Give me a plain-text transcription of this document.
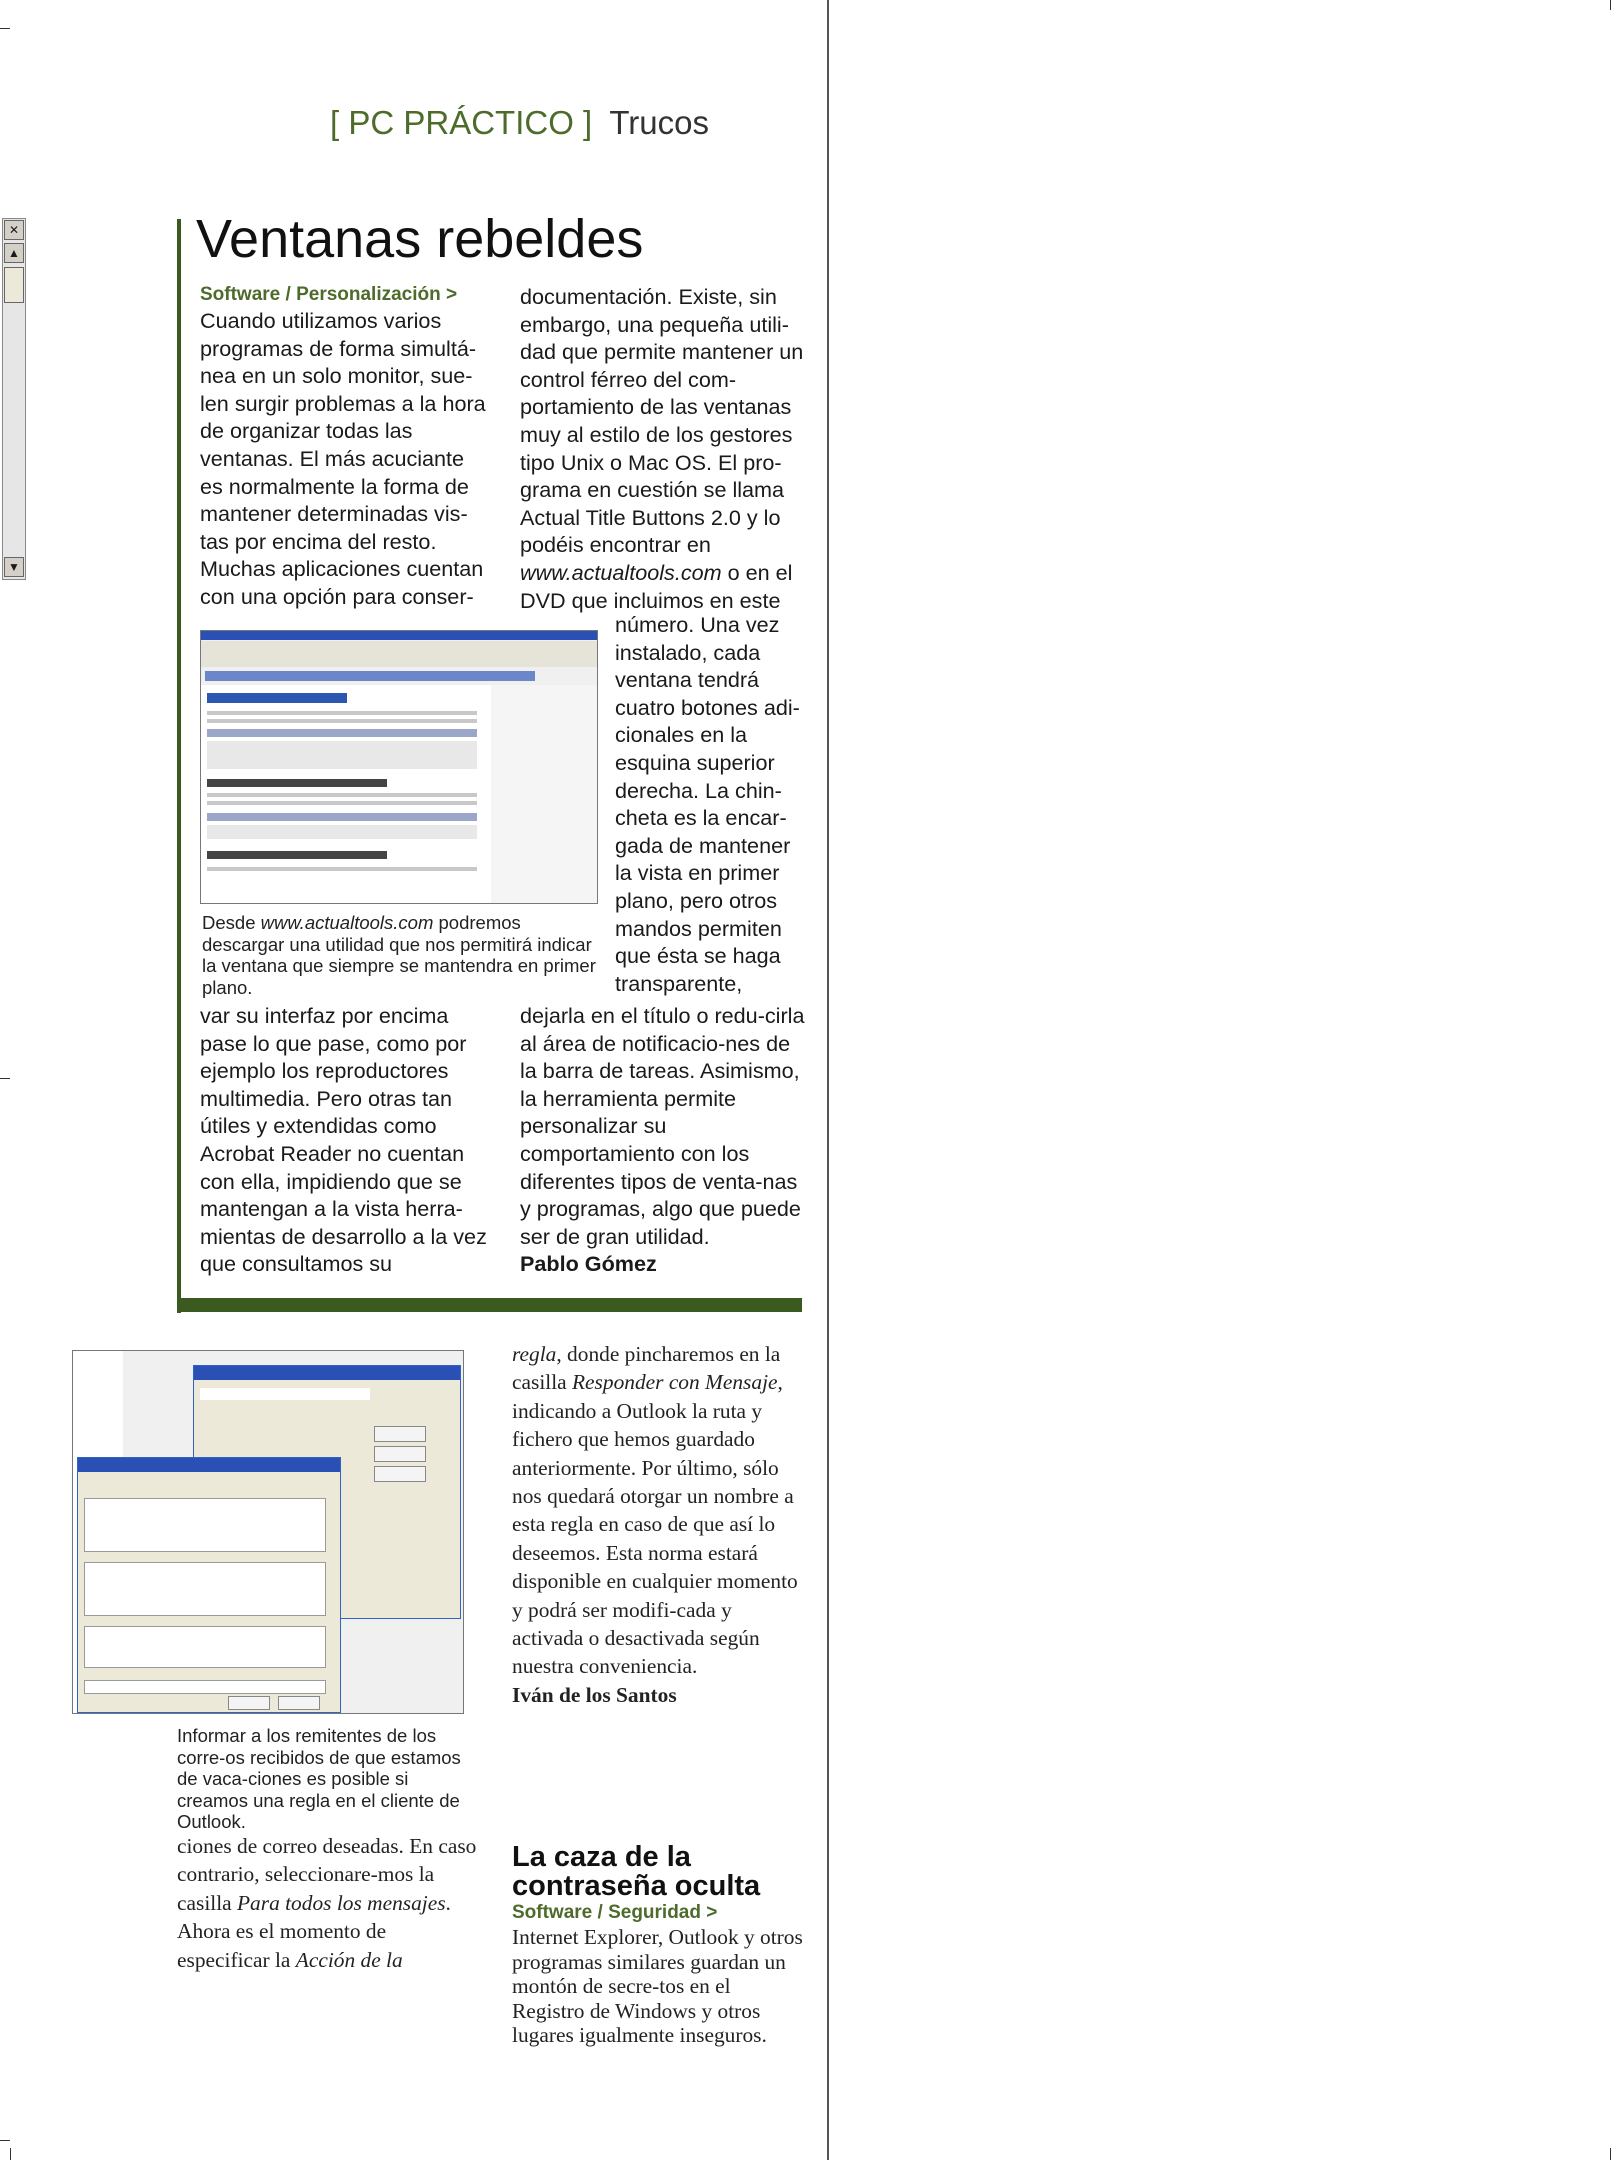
✕
▲
▼
[ PC PRÁCTICO ] Trucos
Ventanas rebeldes
Software / Personalización >

Cuando utilizamos varios programas de forma simultá-nea en un solo monitor, sue-len surgir problemas a la hora de organizar todas las ventanas. El más acuciante es normalmente la forma de mantener determinadas vis-tas por encima del resto. Muchas aplicaciones cuentan con una opción para conser-

documentación. Existe, sin embargo, una pequeña utili-dad que permite mantener un control férreo del com-portamiento de las ventanas muy al estilo de los gestores tipo Unix o Mac OS. El pro-grama en cuestión se llama Actual Title Buttons 2.0 y lo podéis encontrar en www.actualtools.com o en el DVD que incluimos en este

número. Una vez instalado, cada ventana tendrá cuatro botones adi-cionales en la esquina superior derecha. La chin-cheta es la encar-gada de mantener la vista en primer plano, pero otros mandos permiten que ésta se haga transparente,
Desde www.actualtools.com podremos descargar una utilidad que nos permitirá indicar la ventana que siempre se mantendra en primer plano.
var su interfaz por encima pase lo que pase, como por ejemplo los reproductores multimedia. Pero otras tan útiles y extendidas como Acrobat Reader no cuentan con ella, impidiendo que se mantengan a la vista herra-mientas de desarrollo a la vez que consultamos su

dejarla en el título o redu-cirla al área de notificacio-nes de la barra de tareas. Asimismo, la herramienta permite personalizar su comportamiento con los diferentes tipos de venta-nas y programas, algo que puede ser de gran utilidad.

Pablo Gómez

Informar a los remitentes de los corre-os recibidos de que estamos de vaca-ciones es posible si creamos una regla en el cliente de Outlook.
ciones de correo deseadas. En caso contrario, seleccionare-mos la casilla Para todos los mensajes.
Ahora es el momento de especificar la Acción de la
regla, donde pincharemos en la casilla Responder con Mensaje, indicando a Outlook la ruta y fichero que hemos guardado anteriormente. Por último, sólo nos quedará otorgar un nombre a esta regla en caso de que así lo deseemos. Esta norma estará disponible en cualquier momento y podrá ser modifi-cada y activada o desactivada según nuestra conveniencia.
Iván de los Santos
La caza de la contraseña oculta
Software / Seguridad >
Internet Explorer, Outlook y otros programas similares guardan un montón de secre-tos en el Registro de Windows y otros lugares igualmente inseguros.
